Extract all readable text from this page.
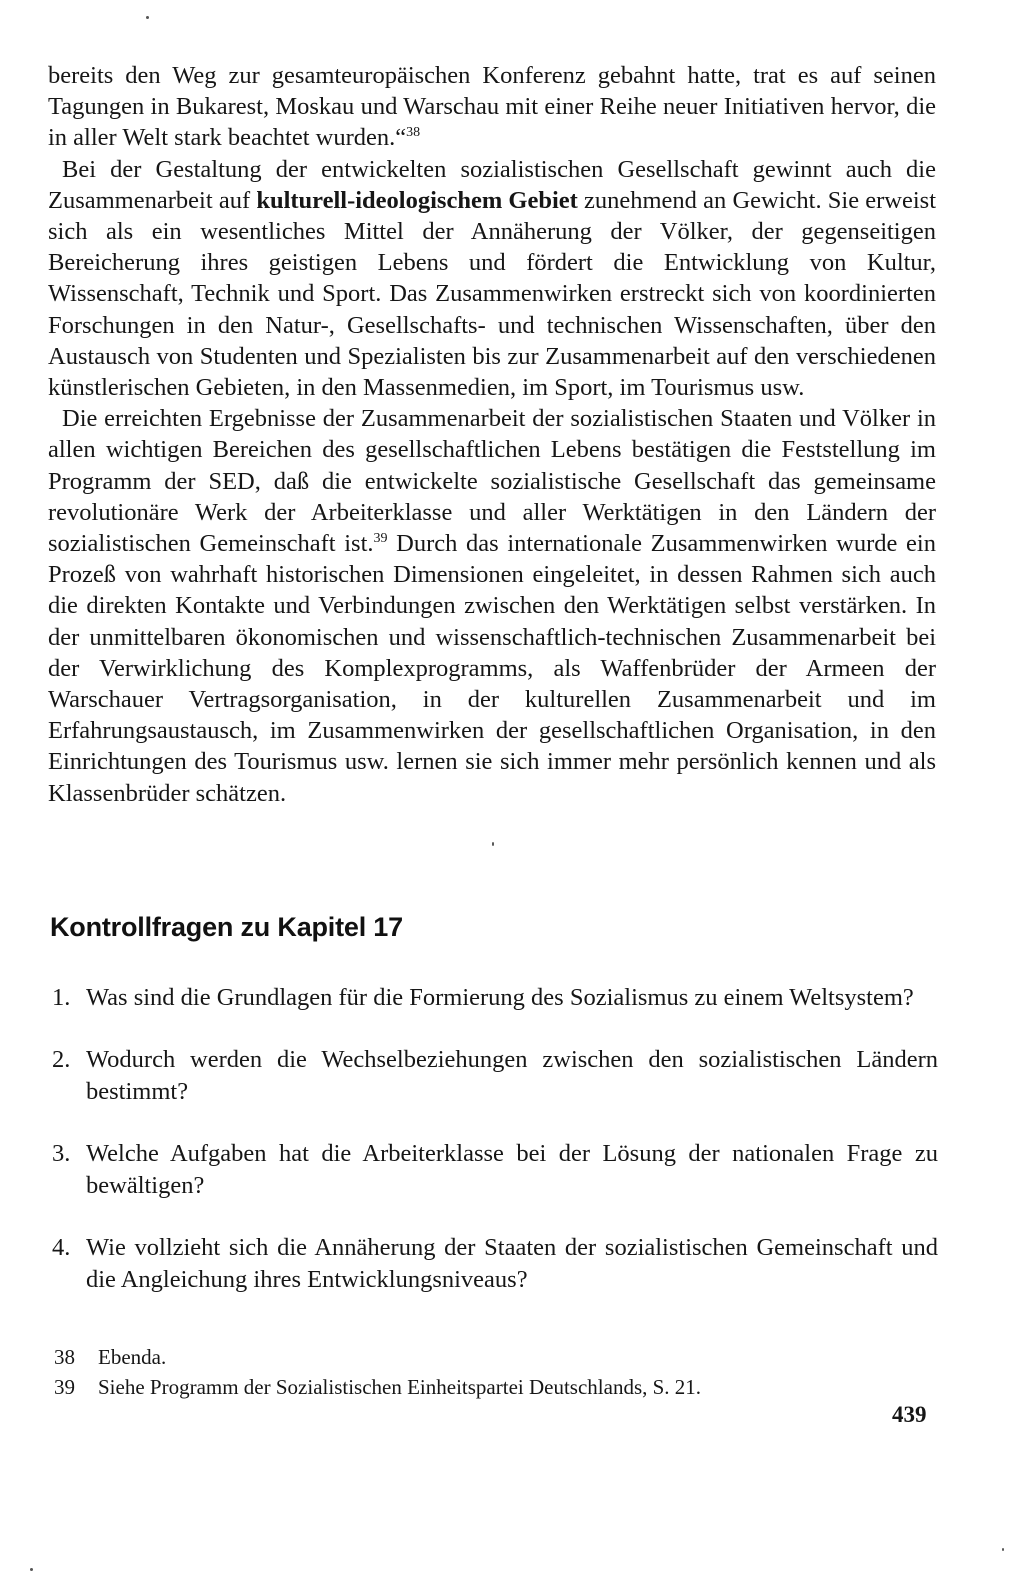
bereits den Weg zur gesamteuropäischen Konferenz gebahnt hatte, trat es auf seinen Tagungen in Bukarest, Moskau und Warschau mit einer Reihe neuer Initiativen hervor, die in aller Welt stark beachtet wurden.“$^{38}$

Bei der Gestaltung der entwickelten sozialistischen Gesellschaft gewinnt auch die Zusammenarbeit auf kulturell-ideologischem Gebiet zunehmend an Gewicht. Sie erweist sich als ein wesentliches Mittel der Annäherung der Völker, der gegenseitigen Bereicherung ihres geistigen Lebens und fördert die Entwicklung von Kultur, Wissenschaft, Technik und Sport. Das Zusammenwirken erstreckt sich von koordinierten Forschungen in den Natur-, Gesellschafts- und technischen Wissenschaften, über den Austausch von Studenten und Spezialisten bis zur Zusammenarbeit auf den verschiedenen künstlerischen Gebieten, in den Massenmedien, im Sport, im Tourismus usw.

Die erreichten Ergebnisse der Zusammenarbeit der sozialistischen Staaten und Völker in allen wichtigen Bereichen des gesellschaftlichen Lebens bestätigen die Feststellung im Programm der SED, daß die entwickelte sozialistische Gesellschaft das gemeinsame revolutionäre Werk der Arbeiterklasse und aller Werktätigen in den Ländern der sozialistischen Gemeinschaft ist.$^{39}$ Durch das internationale Zusammenwirken wurde ein Prozeß von wahrhaft historischen Dimensionen eingeleitet, in dessen Rahmen sich auch die direkten Kontakte und Verbindungen zwischen den Werktätigen selbst verstärken. In der unmittelbaren ökonomischen und wissenschaftlich-technischen Zusammenarbeit bei der Verwirklichung des Komplexprogramms, als Waffenbrüder der Armeen der Warschauer Vertragsorganisation, in der kulturellen Zusammenarbeit und im Erfahrungsaustausch, im Zusammenwirken der gesellschaftlichen Organisation, in den Einrichtungen des Tourismus usw. lernen sie sich immer mehr persönlich kennen und als Klassenbrüder schätzen.

Kontrollfragen zu Kapitel 17
1. Was sind die Grundlagen für die Formierung des Sozialismus zu einem Weltsystem?
2. Wodurch werden die Wechselbeziehungen zwischen den sozialistischen Ländern bestimmt?
3. Welche Aufgaben hat die Arbeiterklasse bei der Lösung der nationalen Frage zu bewältigen?
4. Wie vollzieht sich die Annäherung der Staaten der sozialistischen Gemeinschaft und die Angleichung ihres Entwicklungsniveaus?
38	Ebenda.
39	Siehe Programm der Sozialistischen Einheitspartei Deutschlands, S. 21.
439
